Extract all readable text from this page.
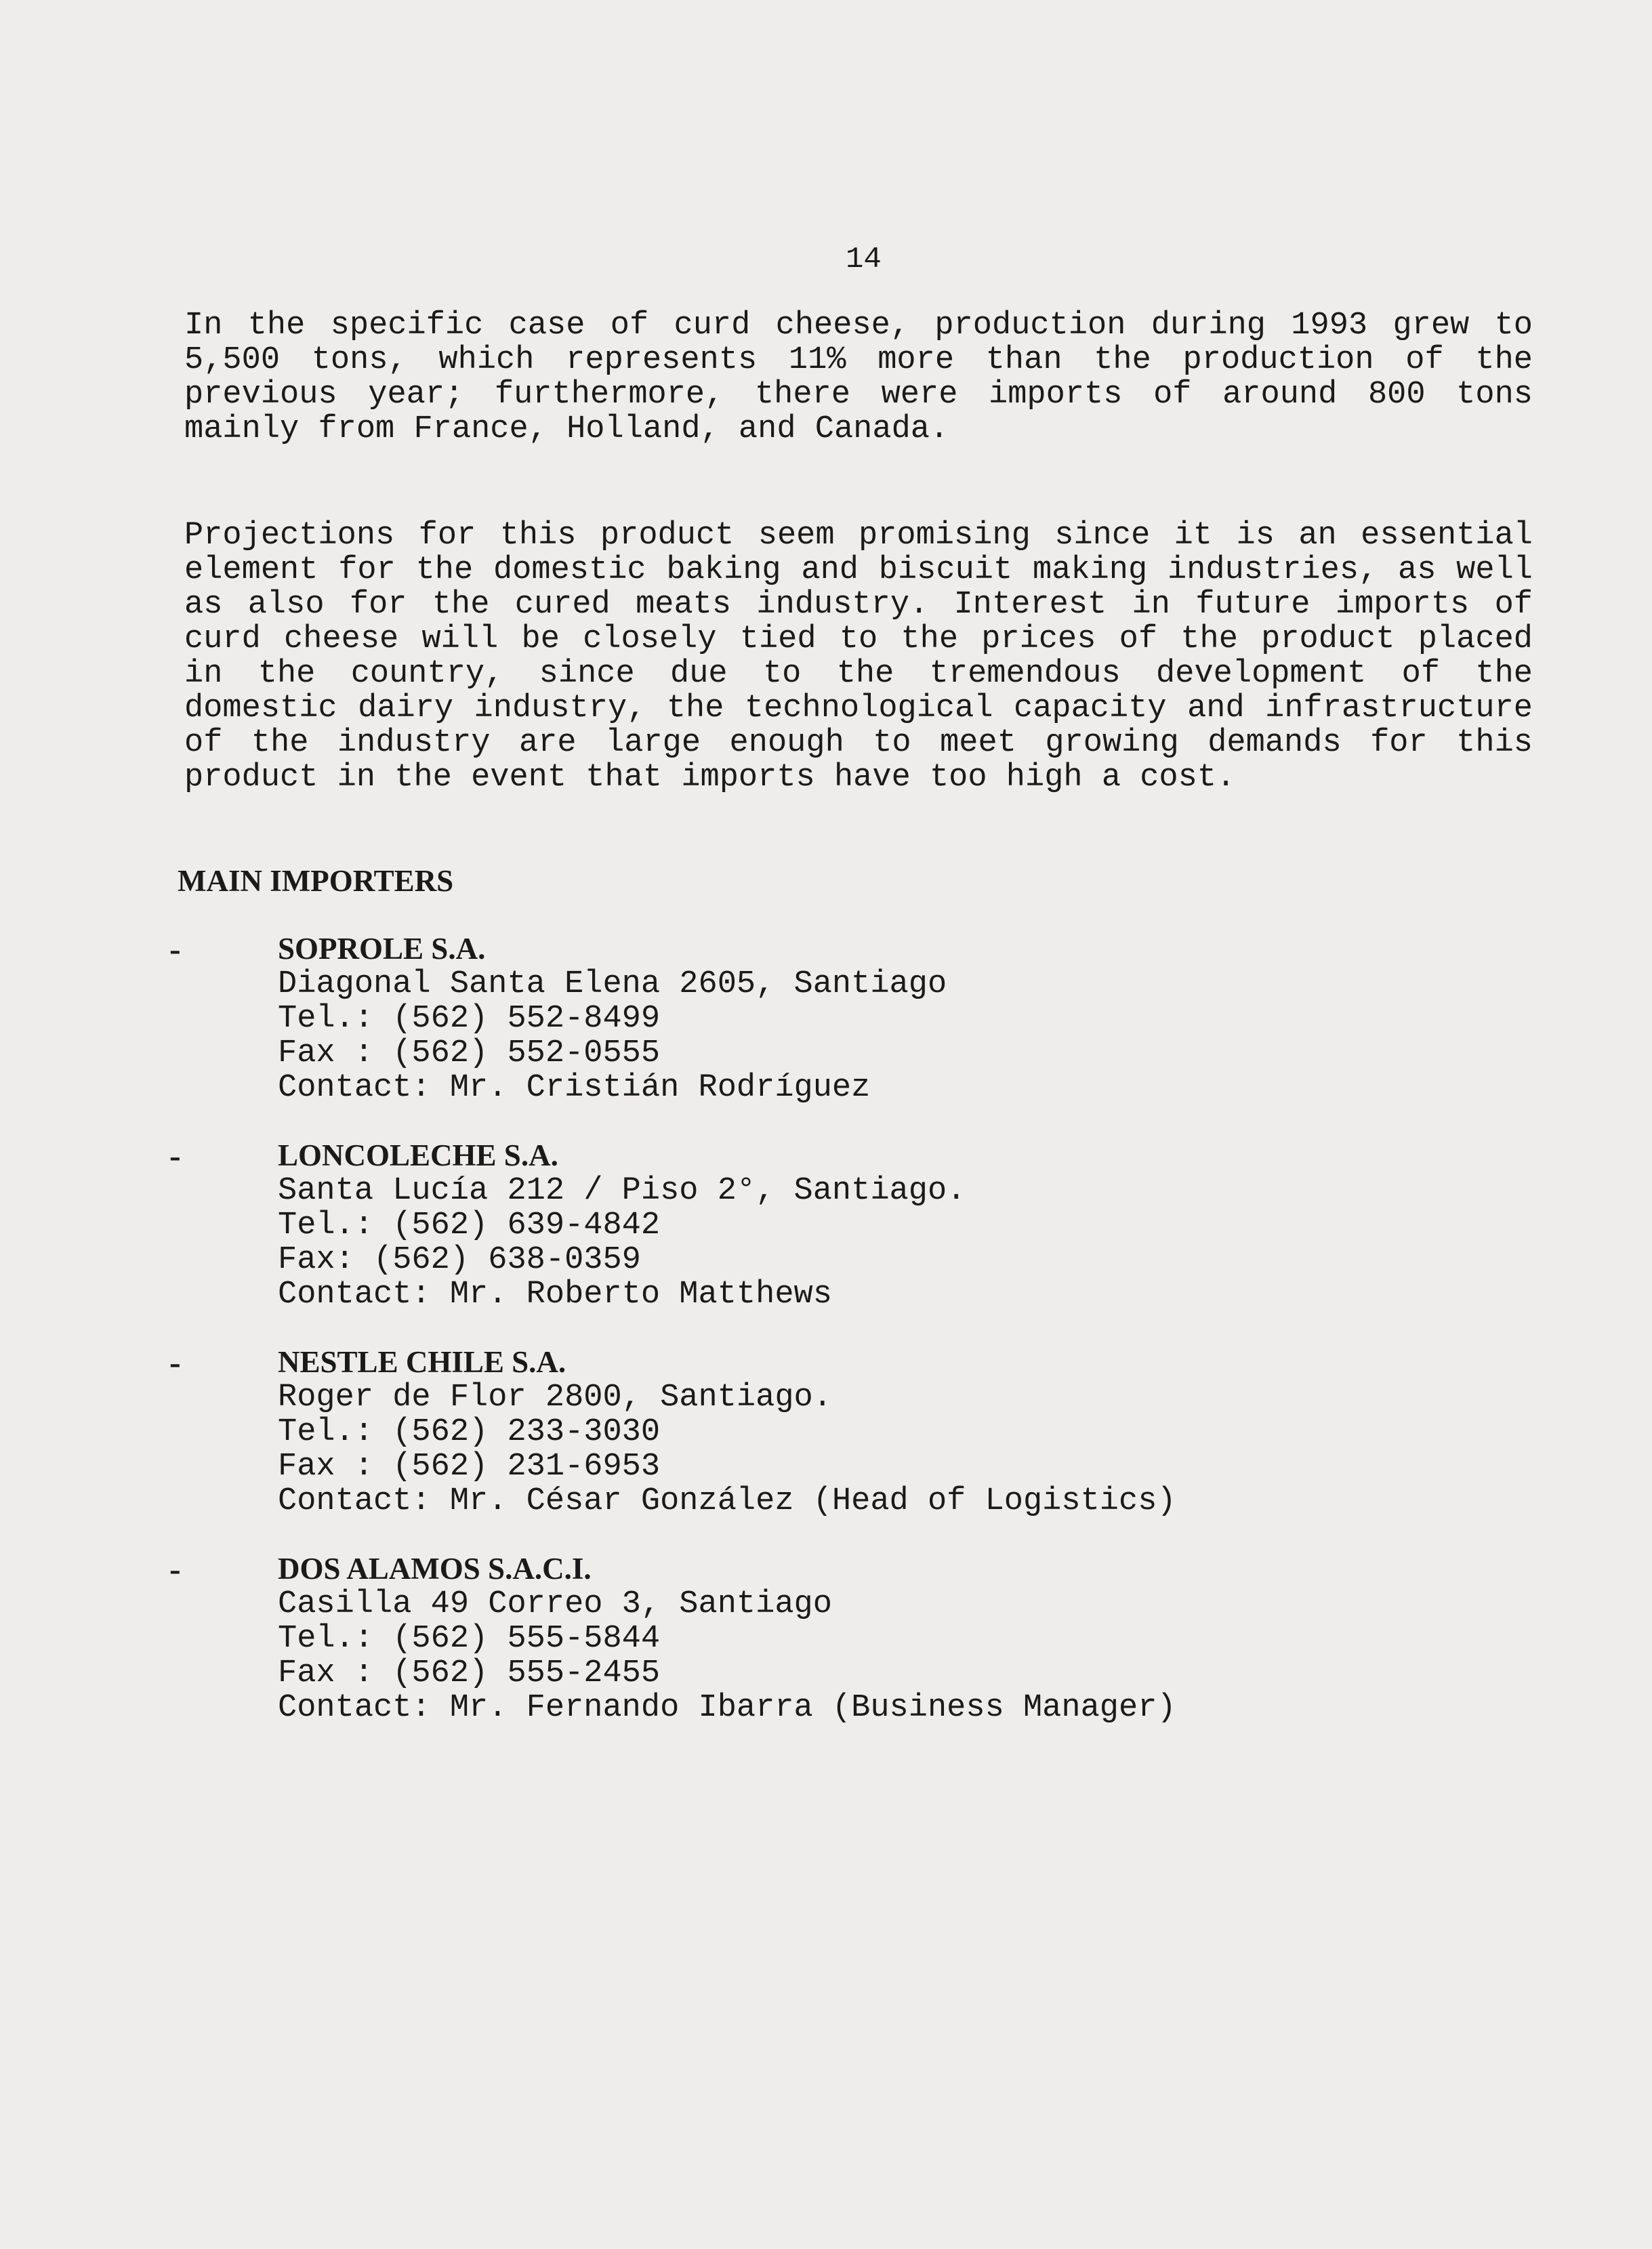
14

In the specific case of curd cheese, production during 1993 grew to 5,500 tons, which represents 11% more than the production of the previous year; furthermore, there were imports of around 800 tons mainly from France, Holland, and Canada.

Projections for this product seem promising since it is an essential element for the domestic baking and biscuit making industries, as well as also for the cured meats industry. Interest in future imports of curd cheese will be closely tied to the prices of the product placed in the country, since due to the tremendous development of the domestic dairy industry, the technological capacity and infrastructure of the industry are large enough to meet growing demands for this product in the event that imports have too high a cost.

MAIN IMPORTERS
-	SOPROLE S.A.
Diagonal Santa Elena 2605, Santiago
Tel.: (562) 552-8499
Fax : (562) 552-0555
Contact: Mr. Cristián Rodríguez
-	LONCOLECHE S.A.
Santa Lucía 212 / Piso 2°, Santiago.
Tel.: (562) 639-4842
Fax: (562) 638-0359
Contact: Mr. Roberto Matthews
-	NESTLE CHILE S.A.
Roger de Flor 2800, Santiago.
Tel.: (562) 233-3030
Fax : (562) 231-6953
Contact: Mr. César González (Head of Logistics)
-	DOS ALAMOS S.A.C.I.
Casilla 49 Correo 3, Santiago
Tel.: (562) 555-5844
Fax : (562) 555-2455
Contact: Mr. Fernando Ibarra (Business Manager)
